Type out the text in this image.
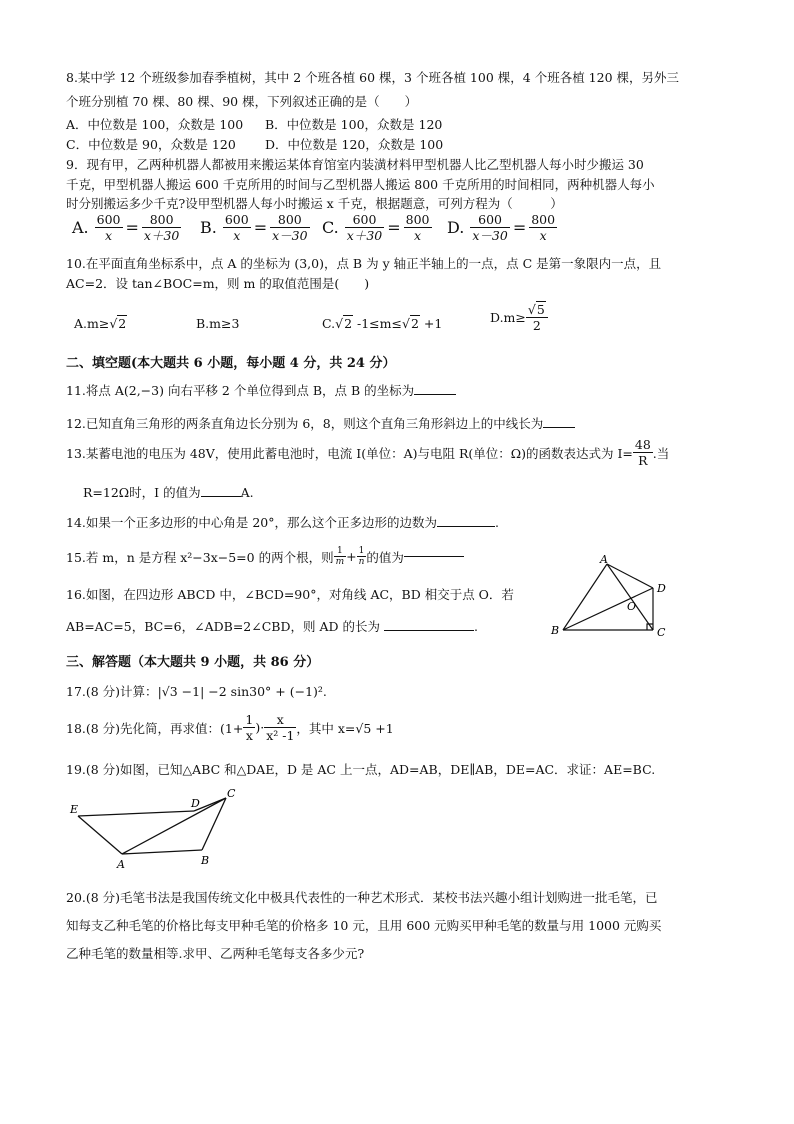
8.某中学 12 个班级参加春季植树，其中 2 个班各植 60 棵，3 个班各植 100 棵，4 个班各植 120 棵，另外三
个班分别植 70 棵、80 棵、90 棵，下列叙述正确的是（　　）
A．中位数是 100，众数是 100 B．中位数是 100，众数是 120
C．中位数是 90，众数是 120 D．中位数是 120，众数是 100
9．现有甲，乙两种机器人都被用来搬运某体育馆室内装潢材料甲型机器人比乙型机器人每小时少搬运 30
千克，甲型机器人搬运 600 千克所用的时间与乙型机器人搬运 800 千克所用的时间相同，两种机器人每小
时分别搬运多少千克?设甲型机器人每小时搬运 x 千克，根据题意，可列方程为（　　　）
A. $\frac{600}{x} = \frac{800}{x+30} B$. $\frac{600}{x} = \frac{800}{x-30} C$. $\frac{600}{x+30} = \frac{800}{x} D$. $\frac{600}{x-30} = \frac{800}{x}$
10.在平面直角坐标系中，点 A 的坐标为 (3,0)，点 B 为 y 轴正半轴上的一点，点 C 是第一象限内一点，且
AC=2．设 tan∠BOC=m，则 m 的取值范围是(　　)
A.m≥√2	B.m≥3	C.√2 -1≤m≤√2 +1	$D.m\ge \frac{√5}{2}$
二、填空题(本大题共 6 小题，每小题 4 分，共 24 分）
11.将点 A(2,−3) 向右平移 2 个单位得到点 B，点 B 的坐标为
12.已知直角三角形的两条直角边长分别为 6，8，则这个直角三角形斜边上的中线长为
13.某蓄电池的电压为 48V，使用此蓄电池时，电流 I(单位：A)与电阻 R(单位：Ω)的函数表达式为 $I= \frac{48}{R}$ .当
R=12Ω时，I 的值为	A.
14.如果一个正多边形的中心角是 20°，那么这个正多边形的边数为	.
15.若 m，n 是方程 x²−3x−5=0 的两个根，则 $\frac{1}{m} + \frac{1}{n}$ 的值为
16.如图，在四边形 ABCD 中，∠BCD=90°，对角线 AC，BD 相交于点 O．若
AB=AC=5，BC=6，∠ADB=2∠CBD，则 AD 的长为	.
A
B	C
D
O
三、解答题（本大题共 9 小题，共 86 分）
17.(8 分)计算：|√3 −1| −2 sin30° + (−1)².
18.(8 分)先化简，再求值：($1+ \frac{1}{x}$ )· $\frac{x}{\text{x² -1}}$ ，其中 x=√5 +1
19.(8 分)如图，已知△ABC 和△DAE，D 是 AC 上一点，AD=AB，DE∥AB，DE=AC．求证：AE=BC.
E	D
C
A	B
20.(8 分)毛笔书法是我国传统文化中极具代表性的一种艺术形式．某校书法兴趣小组计划购进一批毛笔，已
知每支乙种毛笔的价格比每支甲种毛笔的价格多 10 元，且用 600 元购买甲种毛笔的数量与用 1000 元购买
乙种毛笔的数量相等.求甲、乙两种毛笔每支各多少元?
